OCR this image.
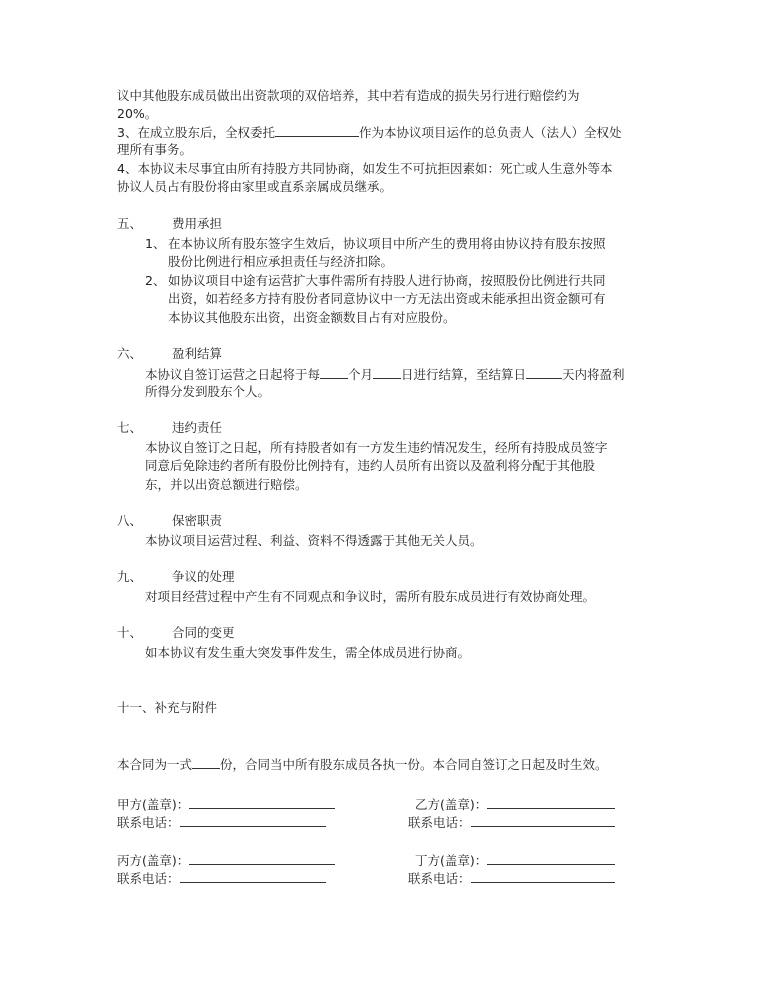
议中其他股东成员做出出资款项的双倍培养，其中若有造成的损失另行进行赔偿约为
20%。
3、在成立股东后，全权委托	作为本协议项目运作的总负责人（法人）全权处
理所有事务。
4、本协议未尽事宜由所有持股方共同协商，如发生不可抗拒因素如：死亡或人生意外等本
协议人员占有股份将由家里或直系亲属成员继承。
五、 费用承担
1、 在本协议所有股东签字生效后，协议项目中所产生的费用将由协议持有股东按照
股份比例进行相应承担责任与经济扣除。
2、 如协议项目中途有运营扩大事件需所有持股人进行协商，按照股份比例进行共同
出资，如若经多方持有股份者同意协议中一方无法出资或未能承担出资金额可有
本协议其他股东出资，出资金额数目占有对应股份。
六、 盈利结算
本协议自签订运营之日起将于每 个月 日进行结算，至结算日	天内将盈利
所得分发到股东个人。
七、 违约责任
本协议自签订之日起，所有持股者如有一方发生违约情况发生，经所有持股成员签字
同意后免除违约者所有股份比例持有，违约人员所有出资以及盈利将分配于其他股
东，并以出资总额进行赔偿。
八、 保密职责
本协议项目运营过程、利益、资料不得透露于其他无关人员。
九、 争议的处理
对项目经营过程中产生有不同观点和争议时，需所有股东成员进行有效协商处理。
十、 合同的变更
如本协议有发生重大突发事件发生，需全体成员进行协商。
十一、补充与附件
本合同为一式 份，合同当中所有股东成员各执一份。本合同自签订之日起及时生效。
甲方(盖章)：
联系电话：
乙方(盖章)：
联系电话：
丙方(盖章)：
联系电话：
丁方(盖章)：
联系电话：
